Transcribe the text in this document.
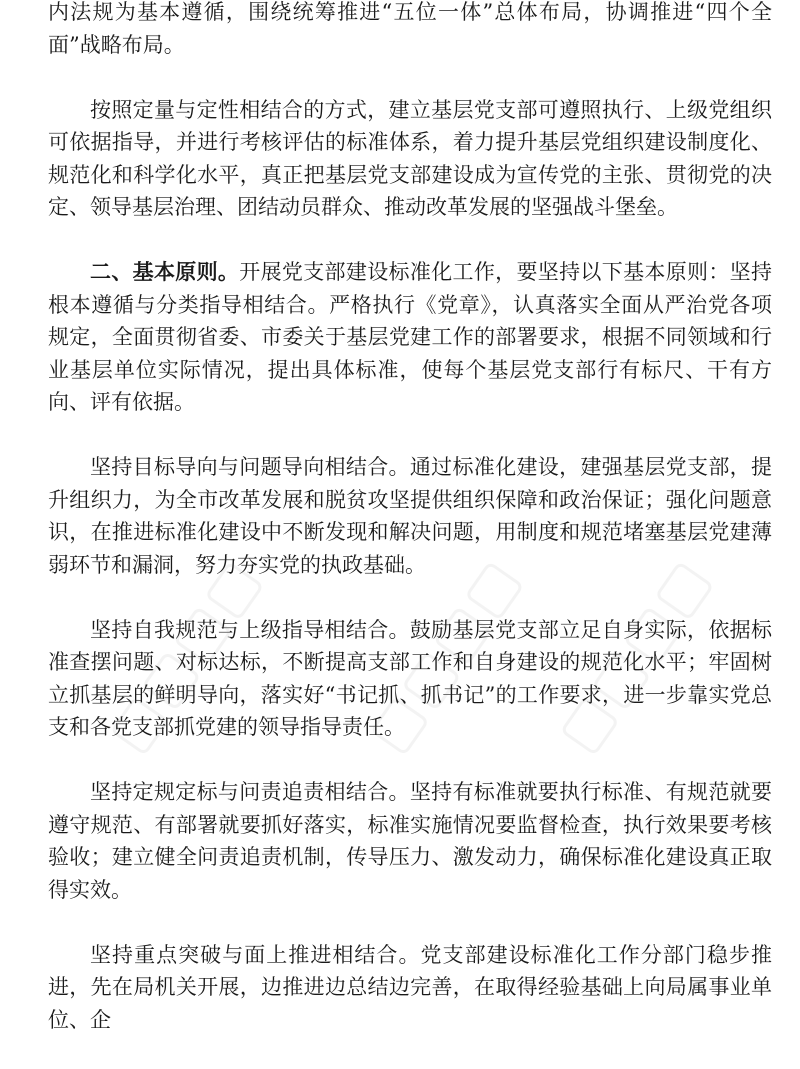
内法规为基本遵循，围绕统筹推进“五位一体”总体布局，协调推进“四个全面”战略布局。

按照定量与定性相结合的方式，建立基层党支部可遵照执行、上级党组织可依据指导，并进行考核评估的标准体系，着力提升基层党组织建设制度化、规范化和科学化水平，真正把基层党支部建设成为宣传党的主张、贯彻党的决定、领导基层治理、团结动员群众、推动改革发展的坚强战斗堡垒。

二、基本原则。开展党支部建设标准化工作，要坚持以下基本原则：坚持根本遵循与分类指导相结合。严格执行《党章》，认真落实全面从严治党各项规定，全面贯彻省委、市委关于基层党建工作的部署要求，根据不同领域和行业基层单位实际情况，提出具体标准，使每个基层党支部行有标尺、干有方向、评有依据。

坚持目标导向与问题导向相结合。通过标准化建设，建强基层党支部，提升组织力，为全市改革发展和脱贫攻坚提供组织保障和政治保证；强化问题意识，在推进标准化建设中不断发现和解决问题，用制度和规范堵塞基层党建薄弱环节和漏洞，努力夯实党的执政基础。

坚持自我规范与上级指导相结合。鼓励基层党支部立足自身实际，依据标准查摆问题、对标达标，不断提高支部工作和自身建设的规范化水平；牢固树立抓基层的鲜明导向，落实好“书记抓、抓书记”的工作要求，进一步靠实党总支和各党支部抓党建的领导指导责任。

坚持定规定标与问责追责相结合。坚持有标准就要执行标准、有规范就要遵守规范、有部署就要抓好落实，标准实施情况要监督检查，执行效果要考核验收；建立健全问责追责机制，传导压力、激发动力，确保标准化建设真正取得实效。

坚持重点突破与面上推进相结合。党支部建设标准化工作分部门稳步推进，先在局机关开展，边推进边总结边完善，在取得经验基础上向局属事业单位、企
